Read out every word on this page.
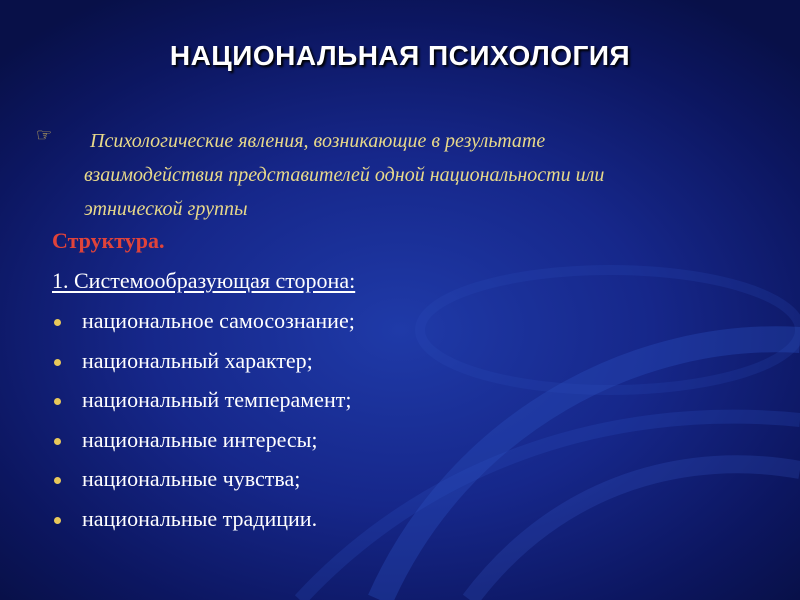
НАЦИОНАЛЬНАЯ ПСИХОЛОГИЯ
☞	Психологические явления, возникающие в результате
взаимодействия представителей одной национальности или
этнической группы
Структура.
1. Системообразующая сторона:
национальное самосознание;
национальный характер;
национальный темперамент;
национальные интересы;
национальные чувства;
национальные традиции.
